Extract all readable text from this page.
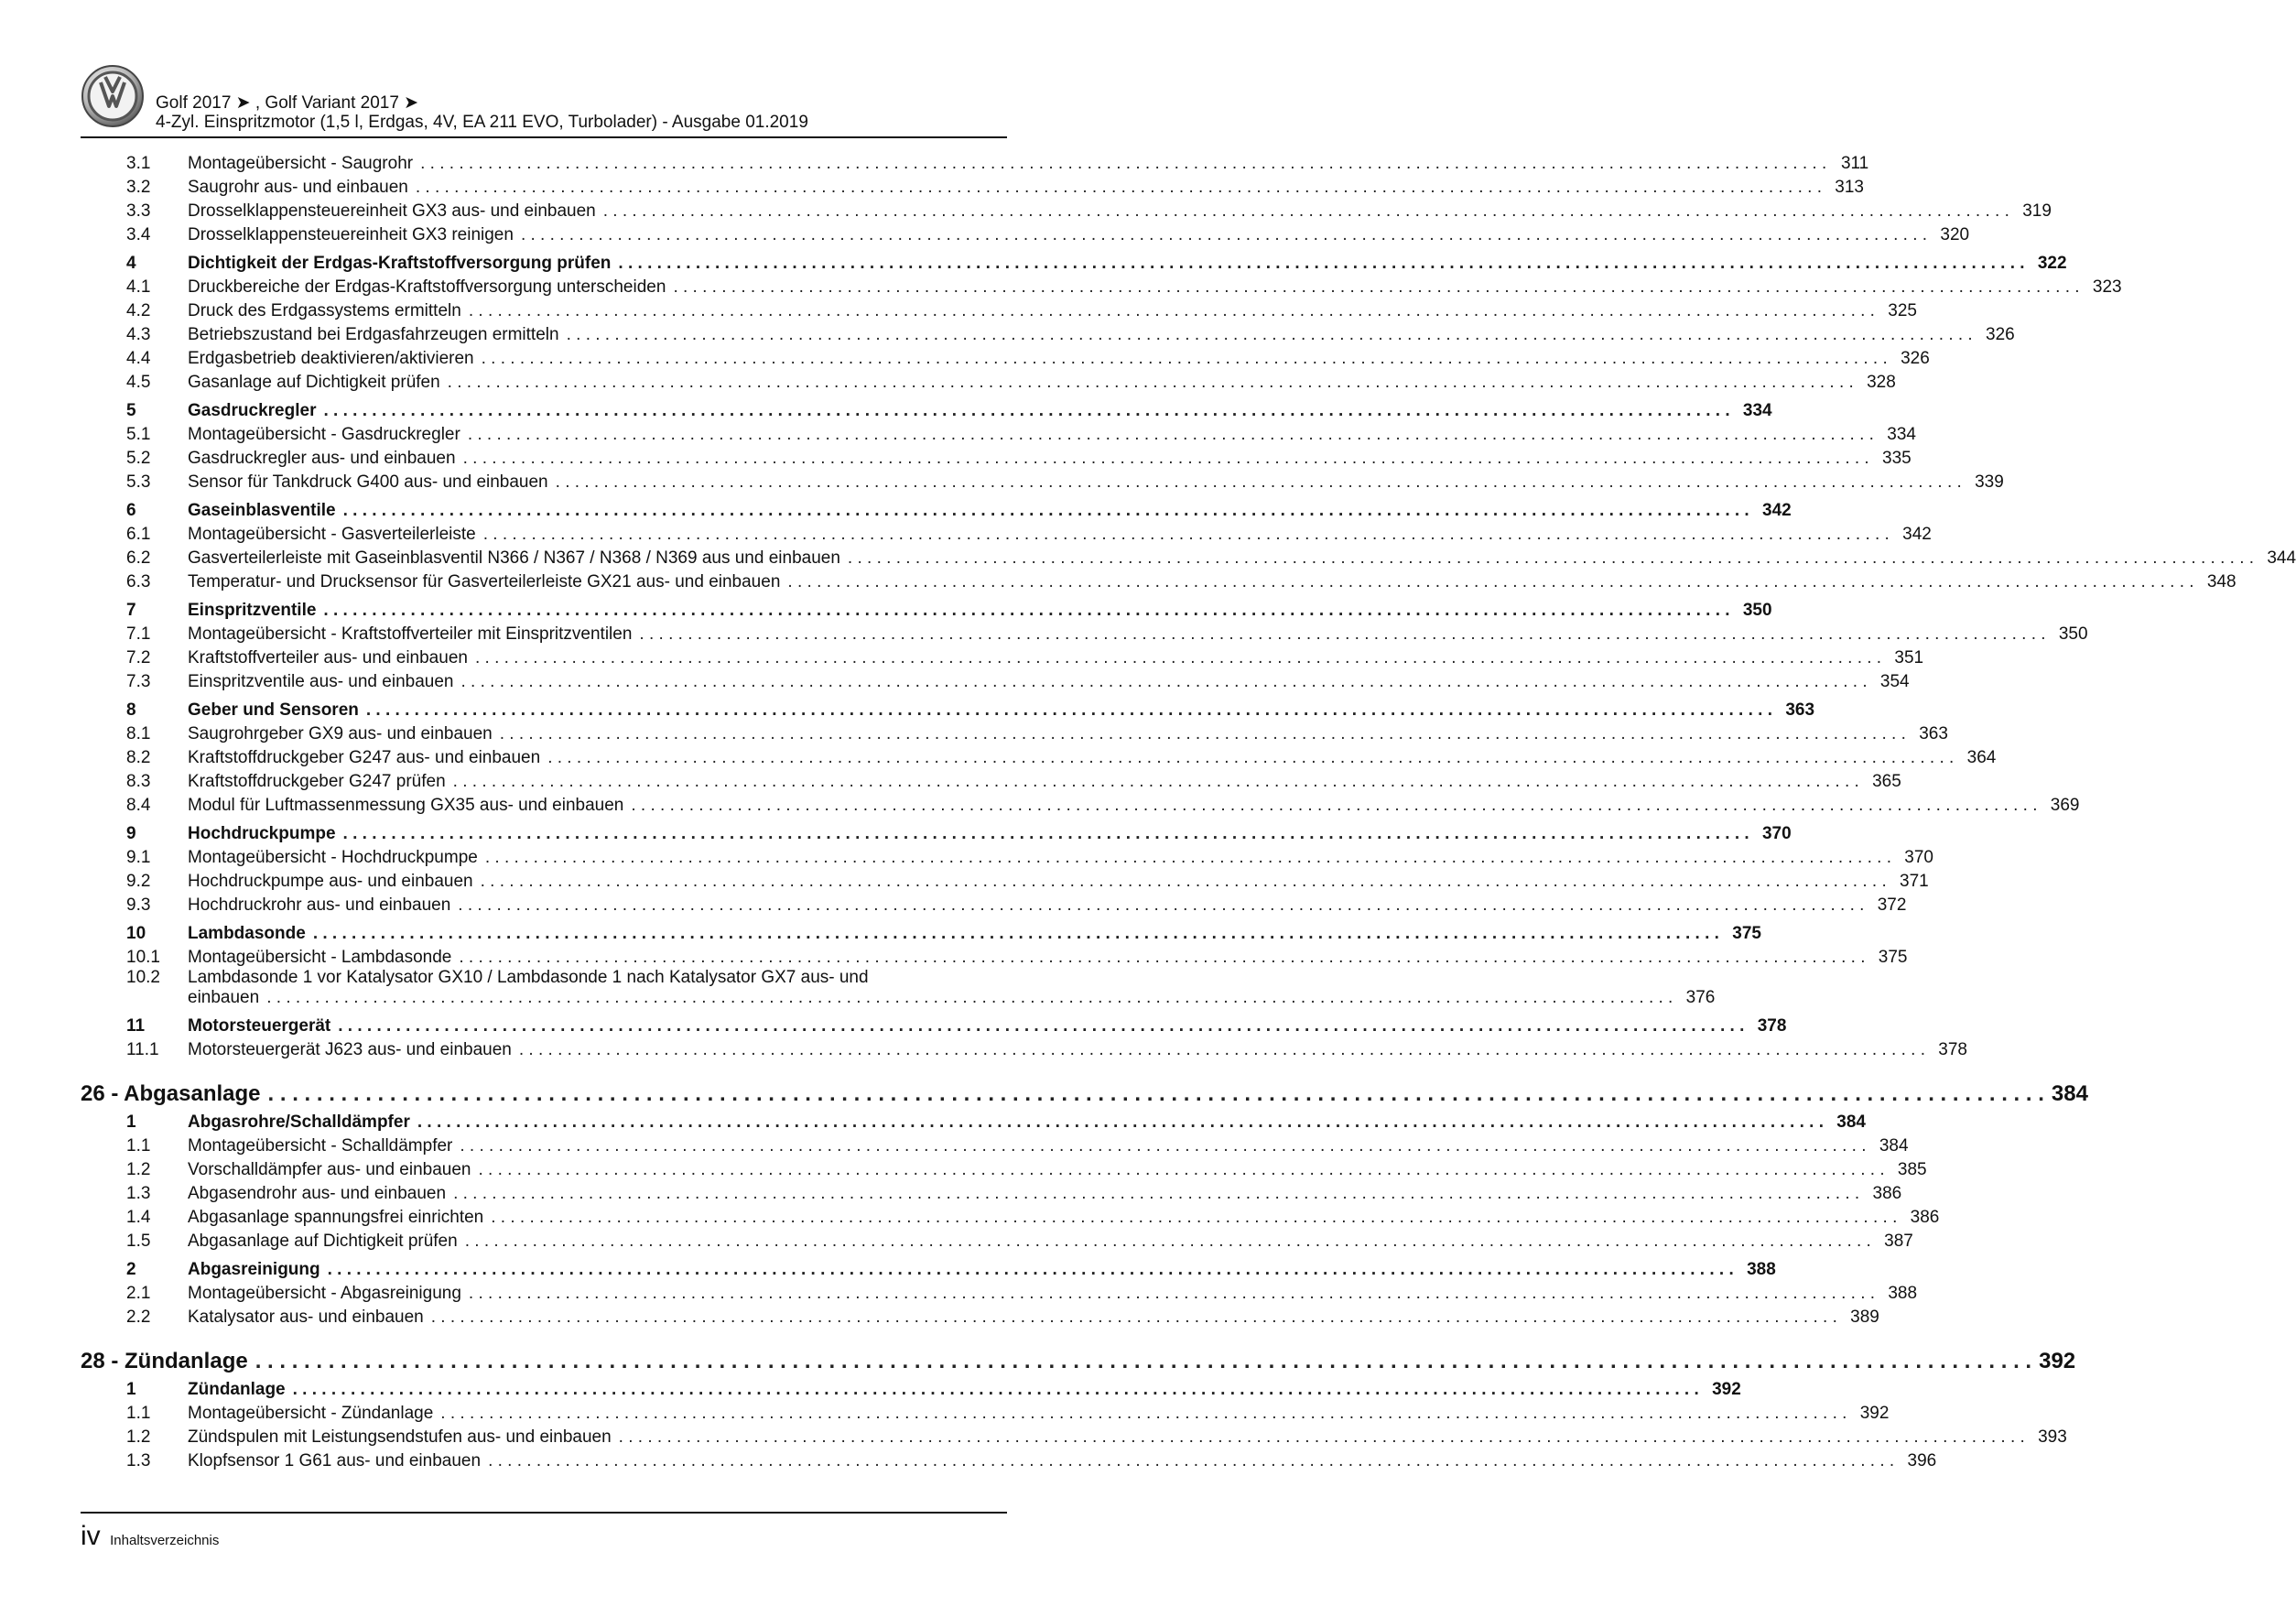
Golf 2017 ➤ , Golf Variant 2017 ➤
4-Zyl. Einspritzmotor (1,5 l, Erdgas, 4V, EA 211 EVO, Turbolader) - Ausgabe 01.2019
3.1	Montageübersicht - Saugrohr . . .	311
3.2	Saugrohr aus- und einbauen . . .	313
3.3	Drosselklappensteuereinheit GX3 aus- und einbauen . . .	319
3.4	Drosselklappensteuereinheit GX3 reinigen . . .	320
4	Dichtigkeit der Erdgas-Kraftstoffversorgung prüfen . . .	322
4.1	Druckbereiche der Erdgas-Kraftstoffversorgung unterscheiden . . .	323
4.2	Druck des Erdgassystems ermitteln . . .	325
4.3	Betriebszustand bei Erdgasfahrzeugen ermitteln . . .	326
4.4	Erdgasbetrieb deaktivieren/aktivieren . . .	326
4.5	Gasanlage auf Dichtigkeit prüfen . . .	328
5	Gasdruckregler . . .	334
5.1	Montageübersicht - Gasdruckregler . . .	334
5.2	Gasdruckregler aus- und einbauen . . .	335
5.3	Sensor für Tankdruck G400 aus- und einbauen . . .	339
6	Gaseinblasventile . . .	342
6.1	Montageübersicht - Gasverteilerleiste . . .	342
6.2	Gasverteilerleiste mit Gaseinblasventil N366 / N367 / N368 / N369 aus und einbauen . . .	344
6.3	Temperatur- und Drucksensor für Gasverteilerleiste GX21 aus- und einbauen . . .	348
7	Einspritzventile . . .	350
7.1	Montageübersicht - Kraftstoffverteiler mit Einspritzventilen . . .	350
7.2	Kraftstoffverteiler aus- und einbauen . . .	351
7.3	Einspritzventile aus- und einbauen . . .	354
8	Geber und Sensoren . . .	363
8.1	Saugrohrgeber GX9 aus- und einbauen . . .	363
8.2	Kraftstoffdruckgeber G247 aus- und einbauen . . .	364
8.3	Kraftstoffdruckgeber G247 prüfen . . .	365
8.4	Modul für Luftmassenmessung GX35 aus- und einbauen . . .	369
9	Hochdruckpumpe . . .	370
9.1	Montageübersicht - Hochdruckpumpe . . .	370
9.2	Hochdruckpumpe aus- und einbauen . . .	371
9.3	Hochdruckrohr aus- und einbauen . . .	372
10	Lambdasonde . . .	375
10.1	Montageübersicht - Lambdasonde . . .	375
10.2	Lambdasonde 1 vor Katalysator GX10 / Lambdasonde 1 nach Katalysator GX7 aus- und
einbauen . . .	376
11	Motorsteuergerät . . .	378
11.1	Motorsteuergerät J623 aus- und einbauen . . .	378
26 - Abgasanlage . . .	384
1	Abgasrohre/Schalldämpfer . . .	384
1.1	Montageübersicht - Schalldämpfer . . .	384
1.2	Vorschalldämpfer aus- und einbauen . . .	385
1.3	Abgasendrohr aus- und einbauen . . .	386
1.4	Abgasanlage spannungsfrei einrichten . . .	386
1.5	Abgasanlage auf Dichtigkeit prüfen . . .	387
2	Abgasreinigung . . .	388
2.1	Montageübersicht - Abgasreinigung . . .	388
2.2	Katalysator aus- und einbauen . . .	389
28 - Zündanlage . . .	392
1	Zündanlage . . .	392
1.1	Montageübersicht - Zündanlage . . .	392
1.2	Zündspulen mit Leistungsendstufen aus- und einbauen . . .	393
1.3	Klopfsensor 1 G61 aus- und einbauen . . .	396
iv Inhaltsverzeichnis
